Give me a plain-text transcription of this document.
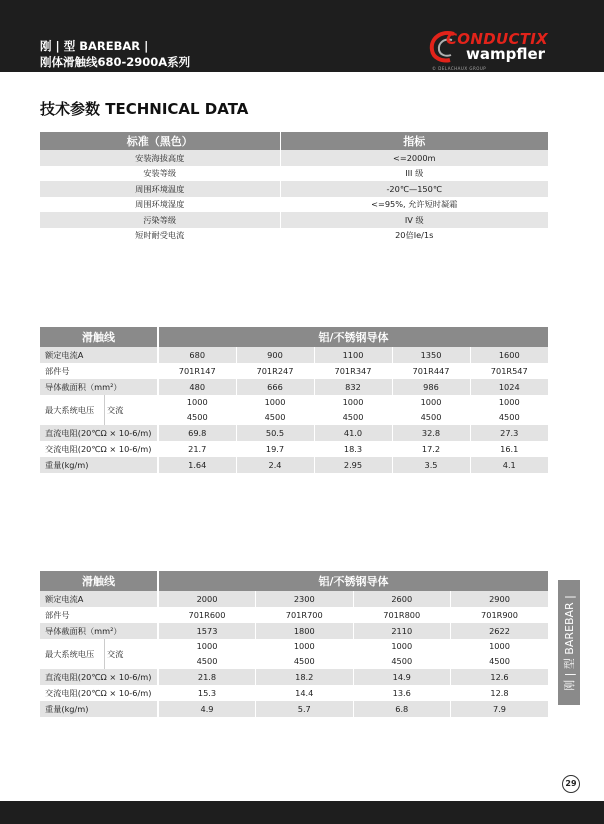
刚 | 型 BAREBAR |
刚体滑触线680-2900A系列
CONDUCTIX
wampfler
© DELACHAUX GROUP
技术参数 TECHNICAL DATA
标准（黑色）	指标
安装海拔高度	<=2000m
安装等级	III 级
周围环境温度	-20℃—150℃
周围环境湿度	<=95%, 允许短时凝霜
污染等级	IV 级
短时耐受电流	20倍Ie/1s
滑触线	铝/不锈钢导体				
额定电流A	680	900	1100	1350	1600
部件号	701R147	701R247	701R347	701R447	701R547
导体截面积（mm²）	480	666	832	986	1024
最大系统电压 交流	1000	1000	1000	1000	1000
	4500	4500	4500	4500	4500
直流电阻(20℃Ω × 10-6/m)	69.8	50.5	41.0	32.8	27.3
交流电阻(20℃Ω × 10-6/m)	21.7	19.7	18.3	17.2	16.1
重量(kg/m)	1.64	2.4	2.95	3.5	4.1
滑触线	铝/不锈钢导体			
额定电流A	2000	2300	2600	2900
部件号	701R600	701R700	701R800	701R900
导体截面积（mm²）	1573	1800	2110	2622
最大系统电压 交流	1000	1000	1000	1000
	4500	4500	4500	4500
直流电阻(20℃Ω × 10-6/m)	21.8	18.2	14.9	12.6
交流电阻(20℃Ω × 10-6/m)	15.3	14.4	13.6	12.8
重量(kg/m)	4.9	5.7	6.8	7.9
刚 | 型 BAREBAR |
29
